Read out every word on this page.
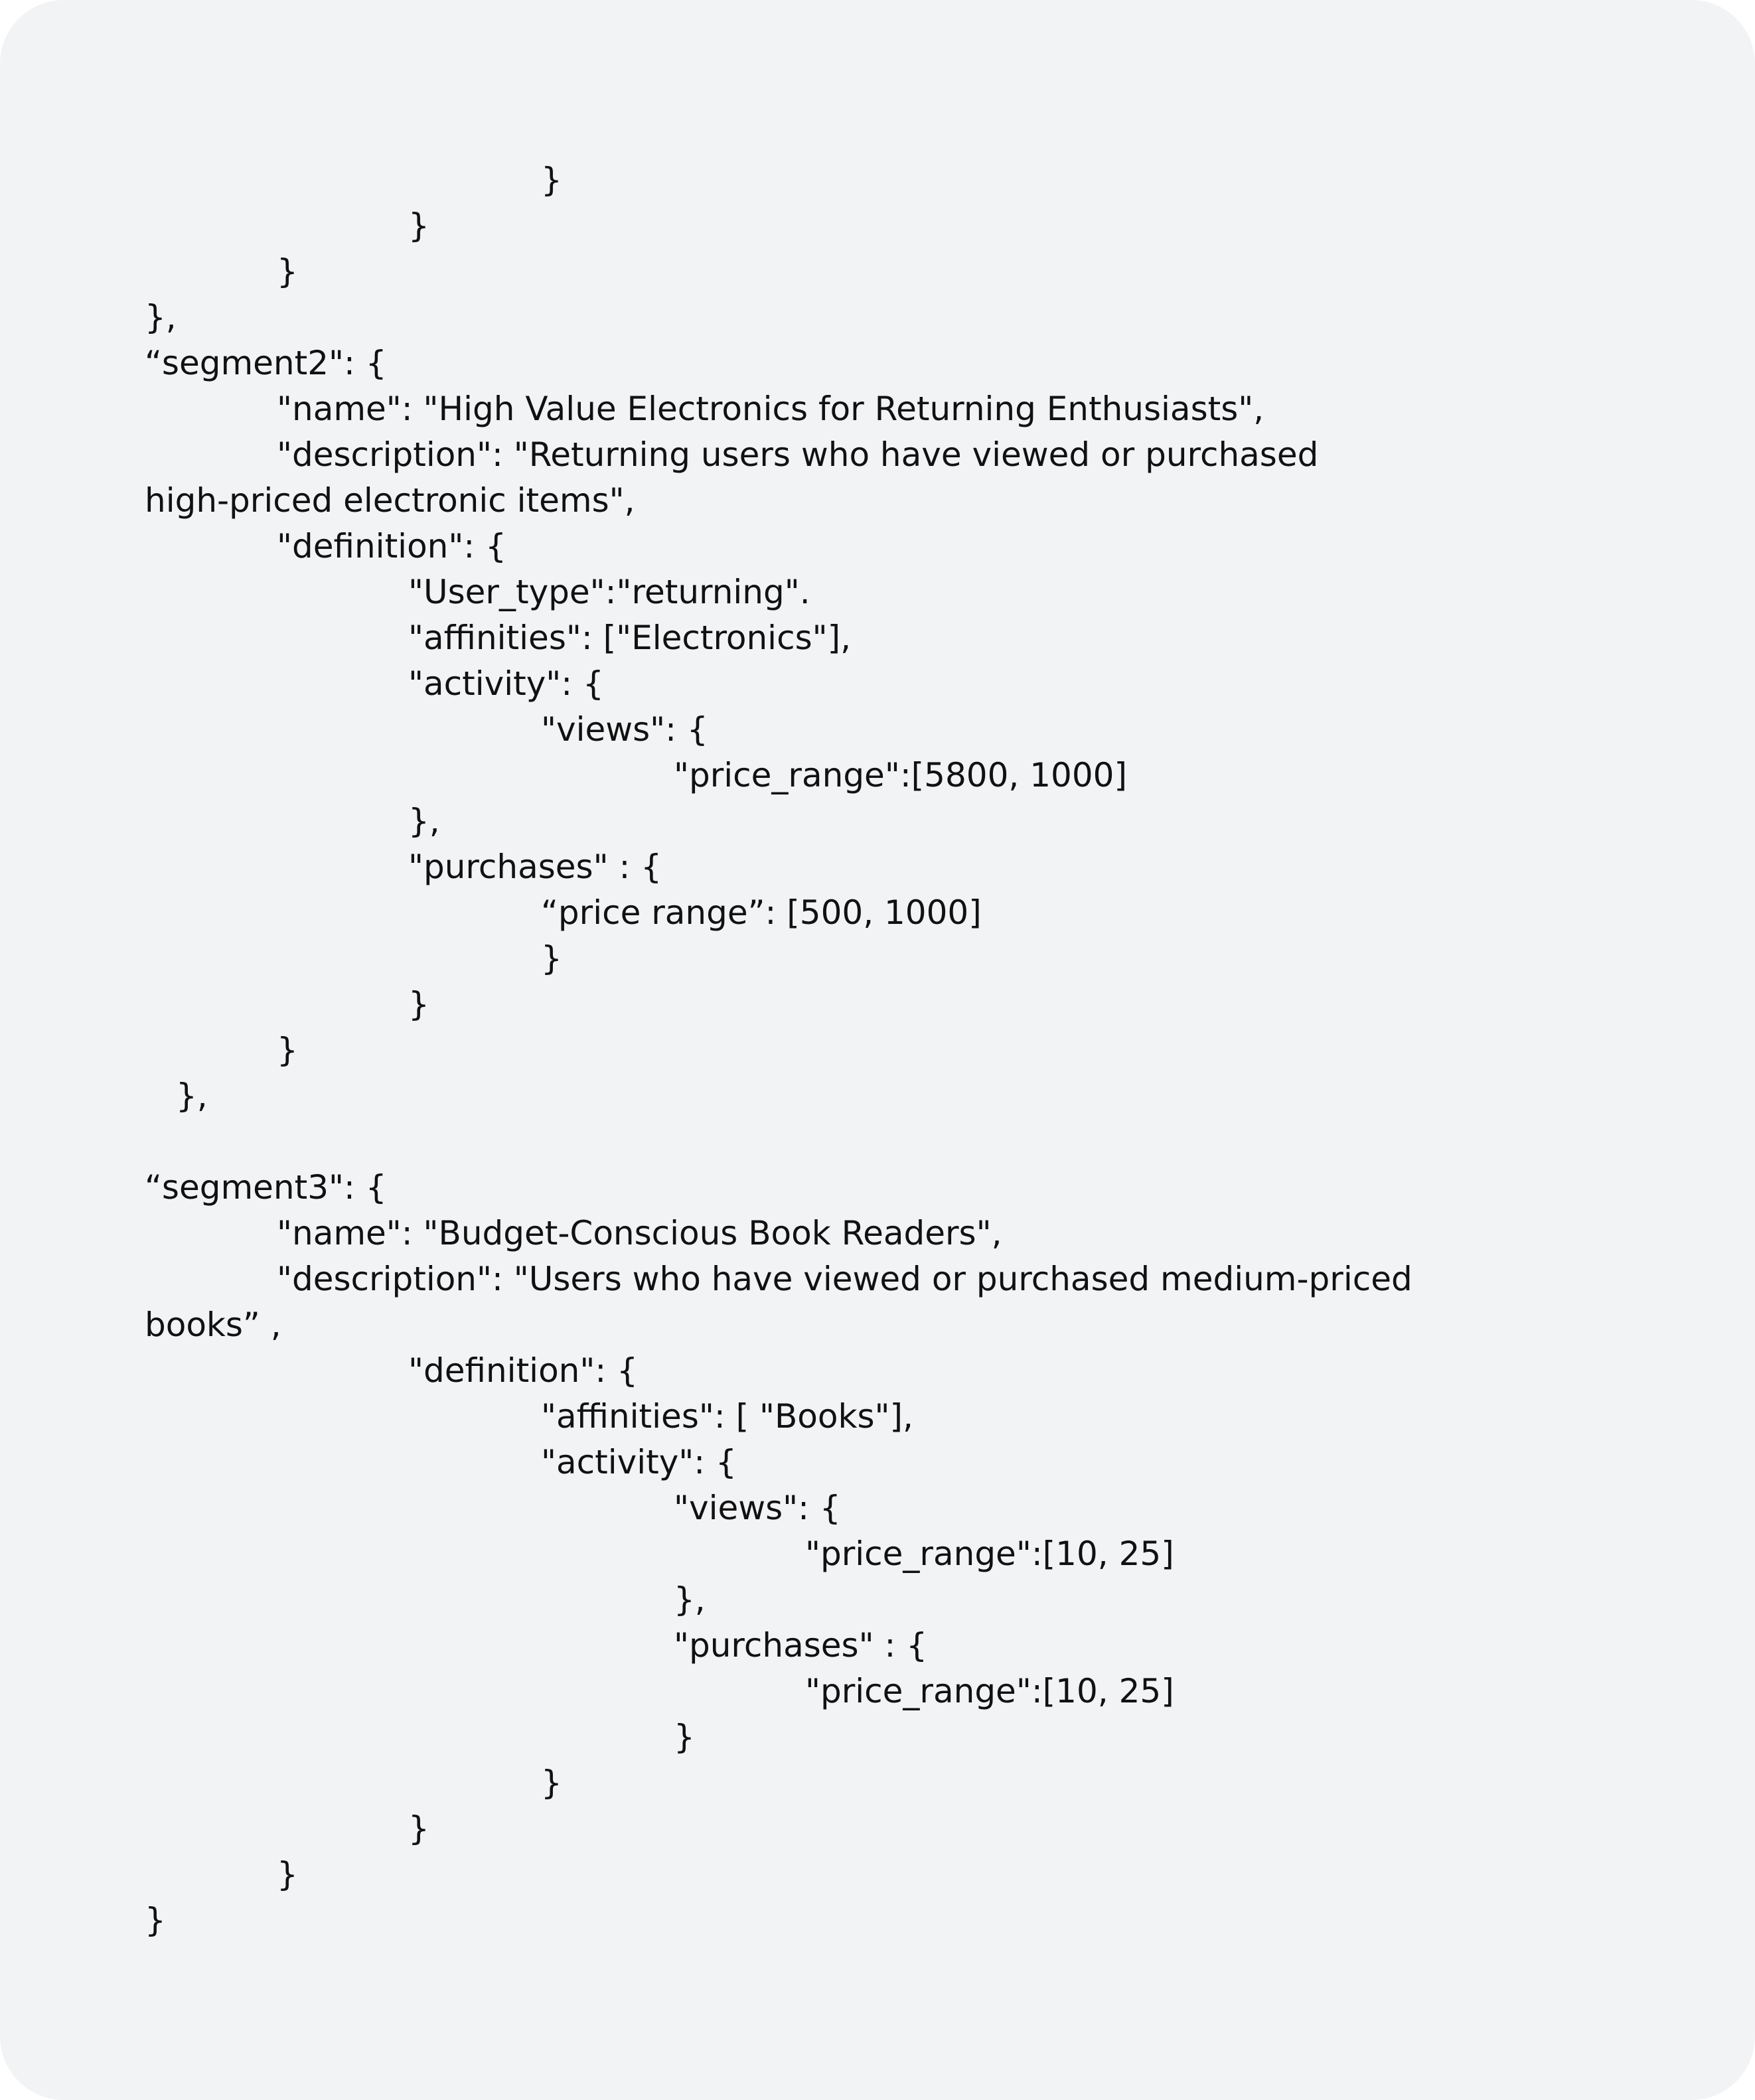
}

}

}

},

“segment2": {

"name": "High Value Electronics for Returning Enthusiasts",

"description": "Returning users who have viewed or purchased

high-priced electronic items",

"definition": {

"User_type":"returning".

"affinities": ["Electronics"],

"activity": {

"views": {

"price_range":[5800, 1000]

},

"purchases" : {

“price range”: [500, 1000]

}

}

}

},

“segment3": {

"name": "Budget-Conscious Book Readers",

"description": "Users who have viewed or purchased medium-priced

books” ,

"definition": {

"affinities": [ "Books"],

"activity": {

"views": {

"price_range":[10, 25]

},

"purchases" : {

"price_range":[10, 25]

}

}

}

}

}
